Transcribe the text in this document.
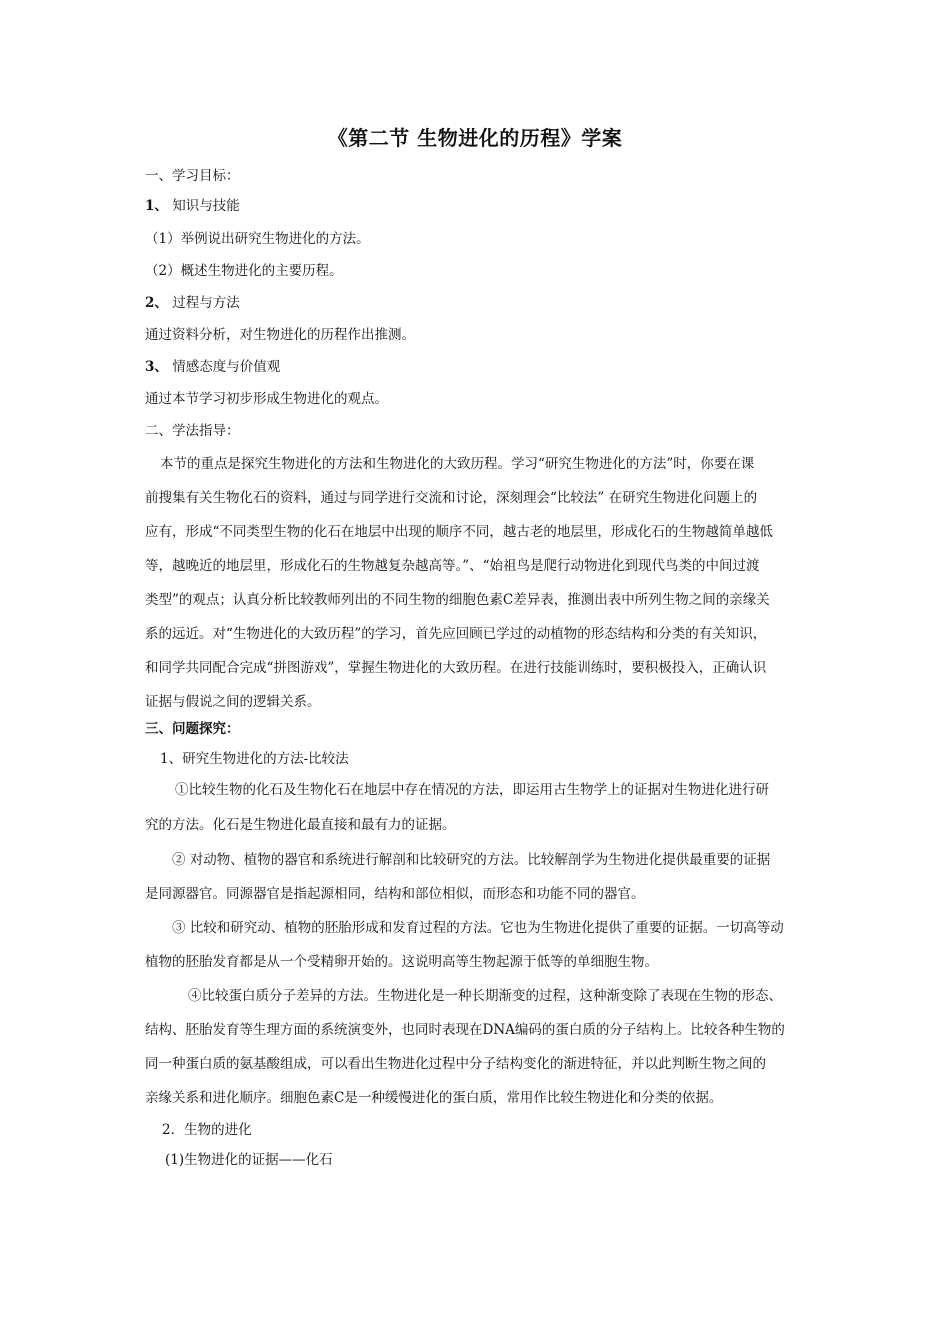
《第二节 生物进化的历程》学案
一、学习目标：
1、 知识与技能
（1）举例说出研究生物进化的方法。
（2）概述生物进化的主要历程。
2、 过程与方法
通过资料分析，对生物进化的历程作出推测。
3、 情感态度与价值观
通过本节学习初步形成生物进化的观点。
二、学法指导：
本节的重点是探究生物进化的方法和生物进化的大致历程。学习“研究生物进化的方法”时，你要在课
前搜集有关生物化石的资料，通过与同学进行交流和讨论，深刻理会“比较法” 在研究生物进化问题上的
应有，形成“不同类型生物的化石在地层中出现的顺序不同，越古老的地层里，形成化石的生物越简单越低
等，越晚近的地层里，形成化石的生物越复杂越高等。”、“始祖鸟是爬行动物进化到现代鸟类的中间过渡
类型”的观点；认真分析比较教师列出的不同生物的细胞色素C差异表，推测出表中所列生物之间的亲缘关
系的远近。对“生物进化的大致历程”的学习，首先应回顾已学过的动植物的形态结构和分类的有关知识，
和同学共同配合完成“拼图游戏”，掌握生物进化的大致历程。在进行技能训练时，要积极投入，正确认识
证据与假说之间的逻辑关系。
三、问题探究：
1、研究生物进化的方法-比较法
①比较生物的化石及生物化石在地层中存在情况的方法，即运用古生物学上的证据对生物进化进行研
究的方法。化石是生物进化最直接和最有力的证据。
② 对动物、植物的器官和系统进行解剖和比较研究的方法。比较解剖学为生物进化提供最重要的证据
是同源器官。同源器官是指起源相同，结构和部位相似，而形态和功能不同的器官。
③ 比较和研究动、植物的胚胎形成和发育过程的方法。它也为生物进化提供了重要的证据。一切高等动
植物的胚胎发育都是从一个受精卵开始的。这说明高等生物起源于低等的单细胞生物。
④比较蛋白质分子差异的方法。生物进化是一种长期渐变的过程，这种渐变除了表现在生物的形态、
结构、胚胎发育等生理方面的系统演变外，也同时表现在DNA编码的蛋白质的分子结构上。比较各种生物的
同一种蛋白质的氨基酸组成，可以看出生物进化过程中分子结构变化的渐进特征，并以此判断生物之间的
亲缘关系和进化顺序。细胞色素C是一种缓慢进化的蛋白质，常用作比较生物进化和分类的依据。
2．生物的进化
(1)生物进化的证据——化石
